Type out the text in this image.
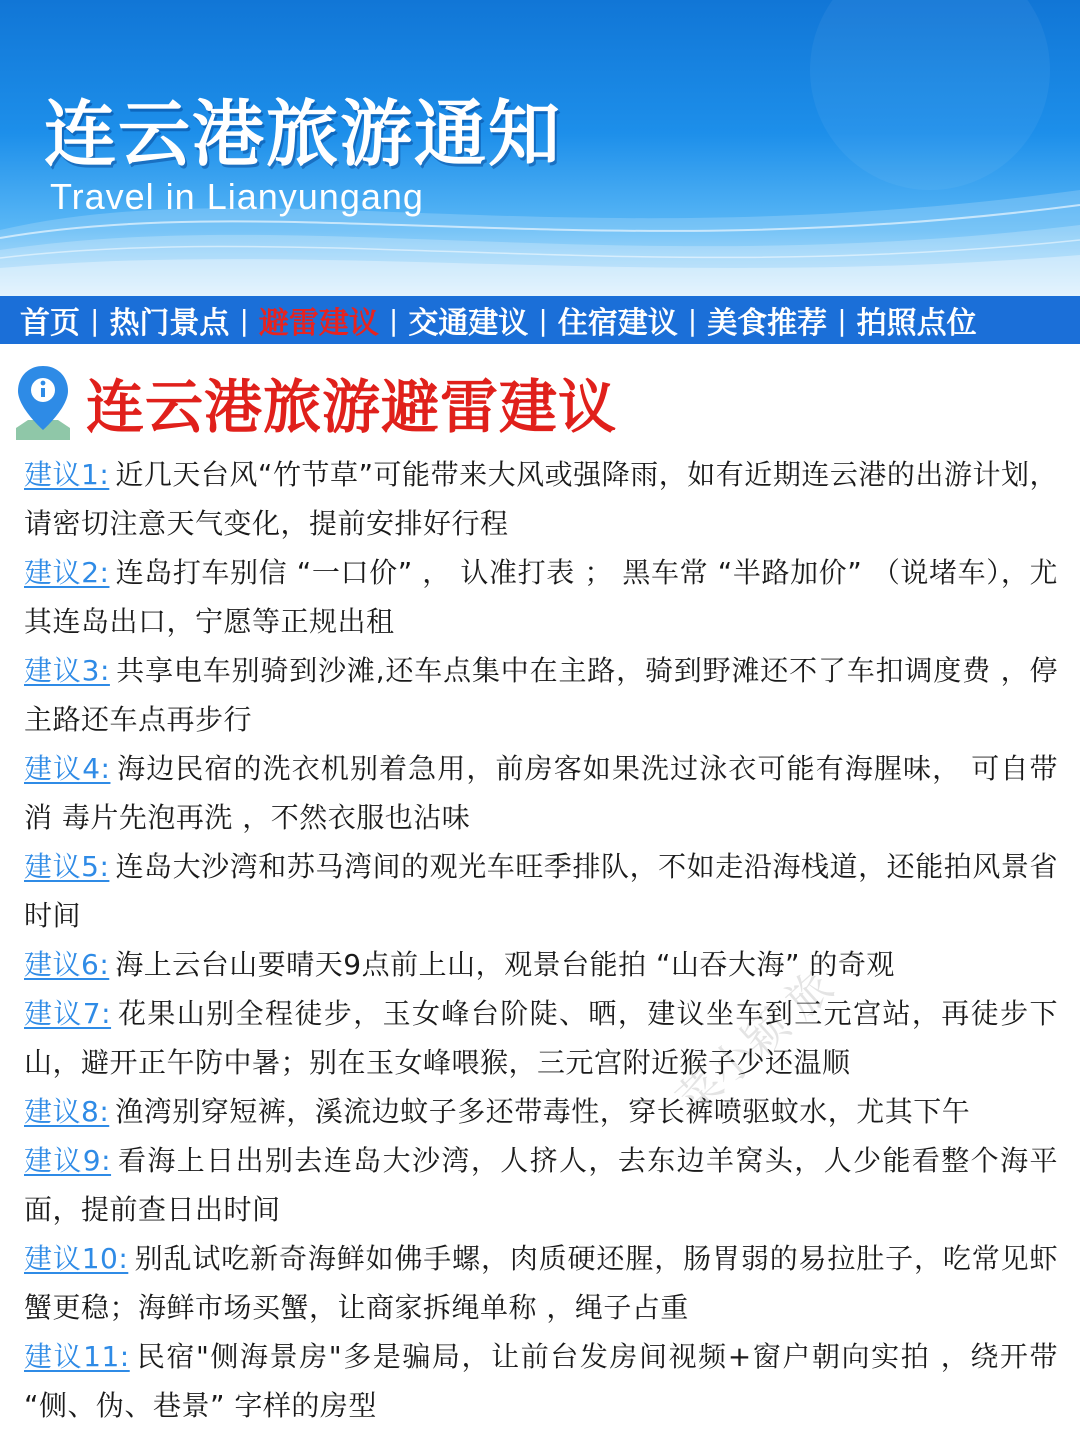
连云港旅游通知
Travel in Lianyungang
首页 | 热门景点 | 避雷建议 | 交通建议 | 住宿建议 | 美食推荐 | 拍照点位
连云港旅游避雷建议
建议1: 近几天台风“竹节草”可能带来大风或强降雨，如有近期连云港的出游计划，请密切注意天气变化，提前安排好行程
建议2: 连岛打车别信 “一口价” ， 认准打表 ； 黑车常 “半路加价” （说堵车），尤其连岛出口，宁愿等正规出租
建议3: 共享电车别骑到沙滩,还车点集中在主路，骑到野滩还不了车扣调度费 ，停主路还车点再步行
建议4: 海边民宿的洗衣机别着急用，前房客如果洗过泳衣可能有海腥味， 可自带消 毒片先泡再洗 ，不然衣服也沾味
建议5: 连岛大沙湾和苏马湾间的观光车旺季排队，不如走沿海栈道，还能拍风景省时间
建议6: 海上云台山要晴天9点前上山，观景台能拍 “山吞大海” 的奇观
建议7: 花果山别全程徒步，玉女峰台阶陡、晒，建议坐车到三元宫站，再徒步下山，避开正午防中暑；别在玉女峰喂猴，三元宫附近猴子少还温顺
建议8: 渔湾别穿短裤，溪流边蚊子多还带毒性，穿长裤喷驱蚊水，尤其下午
建议9: 看海上日出别去连岛大沙湾，人挤人，去东边羊窝头，人少能看整个海平面，提前查日出时间
建议10: 别乱试吃新奇海鲜如佛手螺，肉质硬还腥，肠胃弱的易拉肚子，吃常见虾蟹更稳；海鲜市场买蟹，让商家拆绳单称 ，绳子占重
建议11: 民宿"侧海景房"多是骗局，让前台发房间视频+窗户朝向实拍 ，绕开带 “侧、伪、巷景” 字样的房型
菜小颖 旅
